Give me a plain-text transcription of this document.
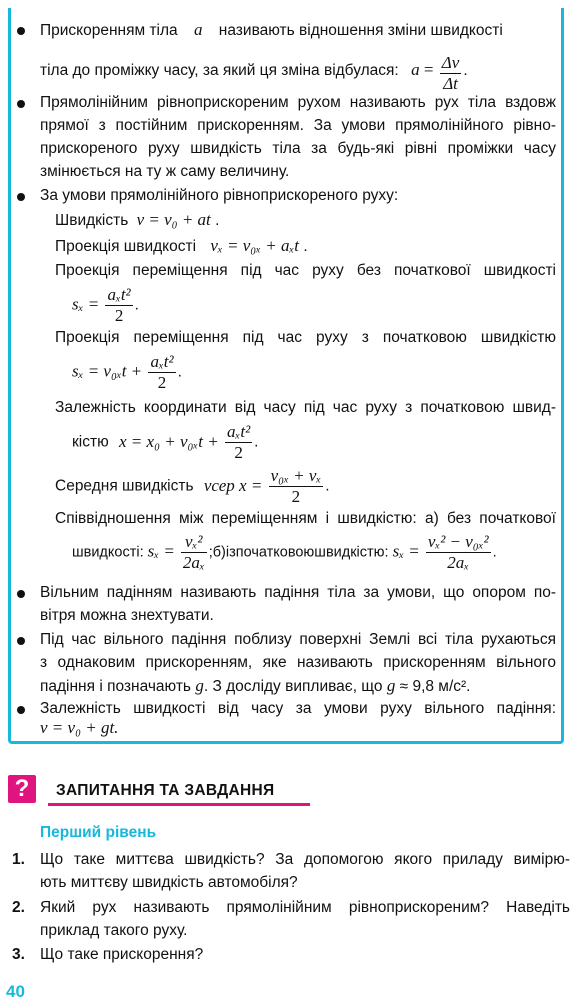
Прискоренням тіла a називають відношення зміни швидкості
тіла до проміжку часу, за який ця зміна відбулася: $a = \frac{\Delta v}{\Delta t}$ .
Прямолінійним рівноприскореним рухом називають рух тіла вздовж
прямої з постійним прискоренням. За умови прямолінійного рівно-
прискореного руху швидкість тіла за будь-які рівні проміжки часу
змінюється на ту ж саму величину.
За умови прямолінійного рівноприскореного руху:
Швидкість v = v₀ + at .
Проекція швидкості vₓ = v₀ₓ + aₓt .
Проекція переміщення під час руху без початкової швидкості
$s_x = \frac{\text{aₓt²}}{2}$ .
Проекція переміщення під час руху з початковою швидкістю
$s_x = v_{0x}t + \frac{\text{aₓt²}}{2}$ .
Залежність координати від часу під час руху з початковою швид-
кістю $x = x_0 + v_{0x}t + \frac{\text{aₓt²}}{2}$ .
Середня швидкість vсер $x = \frac{\text{v₀ₓ + vₓ}}{2}$ .
Співвідношення між переміщенням і швидкістю: а) без початкової
швидкості: $s_x = \frac{\text{vₓ²}}{\text{2aₓ}}$ ;б)ізпочатковоюшвидкістю: $s_x = \frac{\text{vₓ² − v₀ₓ²}}{\text{2aₓ}}$ .
Вільним падінням називають падіння тіла за умови, що опором по-
вітря можна знехтувати.
Під час вільного падіння поблизу поверхні Землі всі тіла рухаються
з однаковим прискоренням, яке називають прискоренням вільного
падіння і позначають g. З досліду випливає, що g ≈ 9,8 м/с².
Залежність швидкості від часу за умови руху вільного падіння:
v = v₀ + gt.
?	ЗАПИТАННЯ ТА ЗАВДАННЯ
Перший рівень
1. Що таке миттєва швидкість? За допомогою якого приладу вимірю-
ють миттєву швидкість автомобіля?
2. Який рух називають прямолінійним рівноприскореним? Наведіть
приклад такого руху.
3. Що таке прискорення?
40
